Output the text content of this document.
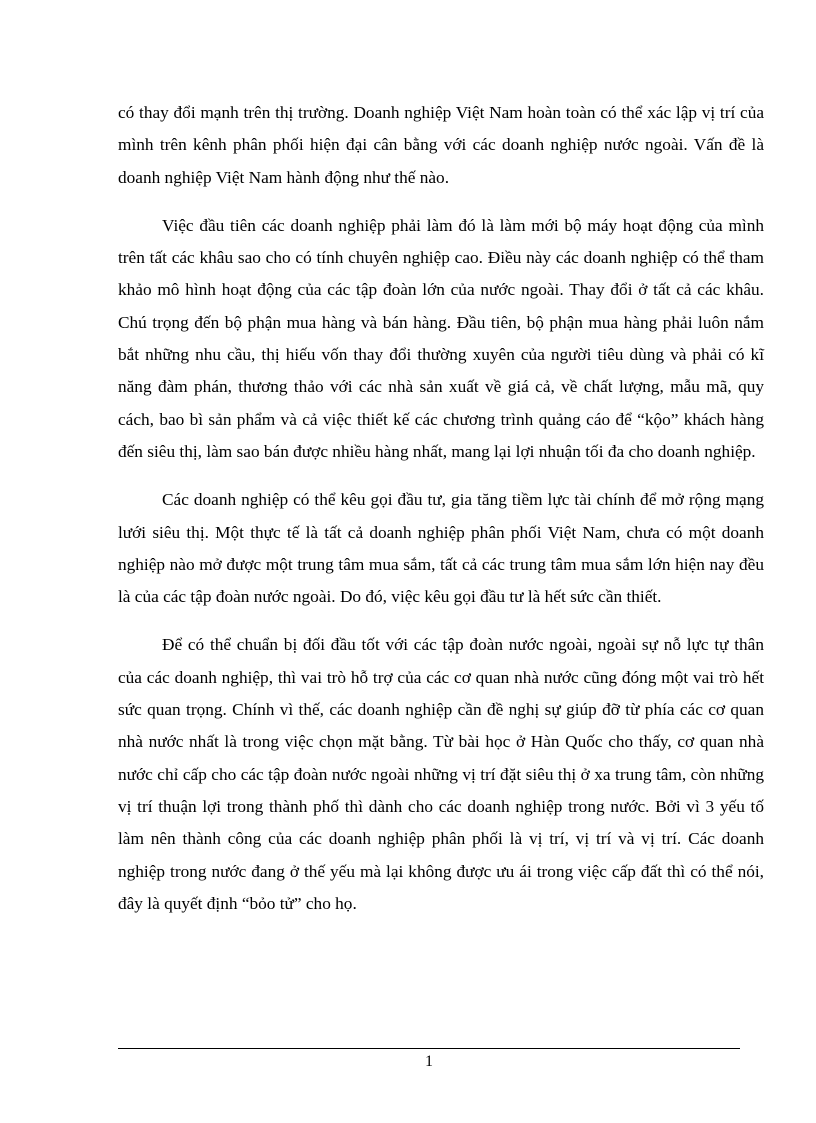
có thay đổi mạnh trên thị trường. Doanh nghiệp Việt Nam hoàn toàn có thể xác lập vị trí của mình trên kênh phân phối hiện đại cân bằng với các doanh nghiệp nước ngoài. Vấn đề là doanh nghiệp Việt Nam hành động như thế nào.

Việc đầu tiên các doanh nghiệp phải làm đó là làm mới bộ máy hoạt động của mình trên tất các khâu sao cho có tính chuyên nghiệp cao. Điều này các doanh nghiệp có thể tham khảo mô hình hoạt động của các tập đoàn lớn của nước ngoài. Thay đổi ở tất cả các khâu. Chú trọng đến bộ phận mua hàng và bán hàng. Đầu tiên, bộ phận mua hàng phải luôn nắm bắt những nhu cầu, thị hiếu vốn thay đổi thường xuyên của người tiêu dùng và phải có kĩ năng đàm phán, thương thảo với các nhà sản xuất về giá cả, về chất lượng, mẫu mã, quy cách, bao bì sản phẩm và cả việc thiết kế các chương trình quảng cáo để “kộo” khách hàng đến siêu thị, làm sao bán được nhiều hàng nhất, mang lại lợi nhuận tối đa cho doanh nghiệp.

Các doanh nghiệp có thể kêu gọi đầu tư, gia tăng tiềm lực tài chính để mở rộng mạng lưới siêu thị. Một thực tế là tất cả doanh nghiệp phân phối Việt Nam, chưa có một doanh nghiệp nào mở được một trung tâm mua sắm, tất cả các trung tâm mua sắm lớn hiện nay đều là của các tập đoàn nước ngoài. Do đó, việc kêu gọi đầu tư là hết sức cần thiết.

Để có thể chuẩn bị đối đầu tốt với các tập đoàn nước ngoài, ngoài sự nỗ lực tự thân của các doanh nghiệp, thì vai trò hỗ trợ của các cơ quan nhà nước cũng đóng một vai trò hết sức quan trọng. Chính vì thế, các doanh nghiệp cần đề nghị sự giúp đỡ từ phía các cơ quan nhà nước nhất là trong việc chọn mặt bằng. Từ bài học ở Hàn Quốc cho thấy, cơ quan nhà nước chỉ cấp cho các tập đoàn nước ngoài những vị trí đặt siêu thị ở xa trung tâm, còn những vị trí thuận lợi trong thành phố thì dành cho các doanh nghiệp trong nước. Bởi vì 3 yếu tố làm nên thành công của các doanh nghiệp phân phối là vị trí, vị trí và vị trí. Các doanh nghiệp trong nước đang ở thế yếu mà lại không được ưu ái trong việc cấp đất thì có thể nói, đây là quyết định “bỏo tử” cho họ.

1
